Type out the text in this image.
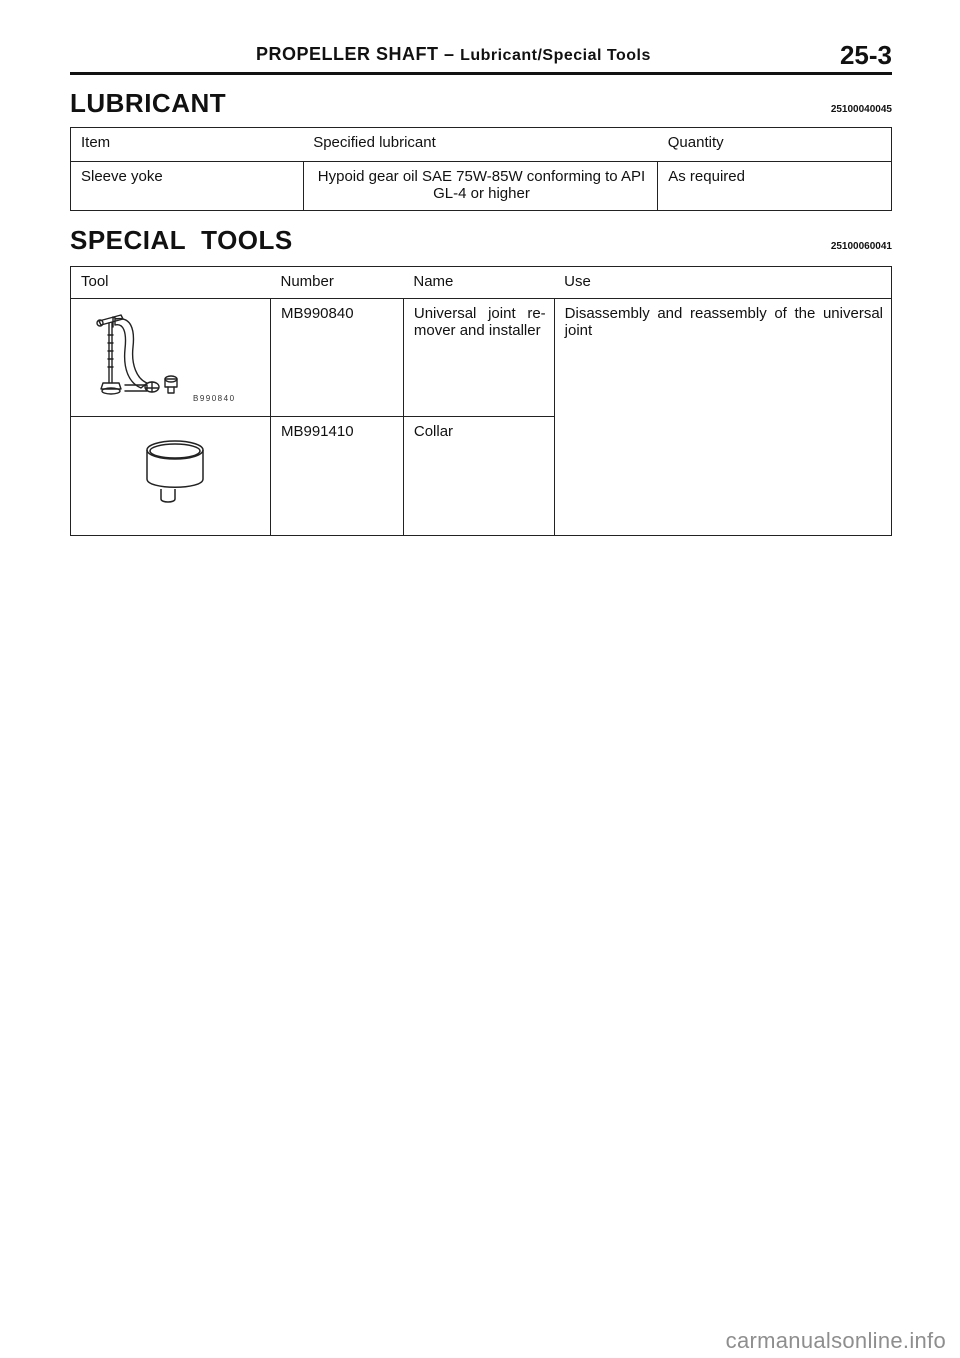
PROPELLER SHAFT – Lubricant/Special Tools	25-3
LUBRICANT	25100040045
Item	Specified lubricant	Quantity
Sleeve yoke	Hypoid gear oil SAE 75W-85W conforming to API GL-4 or higher	As required
SPECIAL  TOOLS	25100060041
Tool	Number	Name	Use

B990840	MB990840	Universal joint re-mover and installer	Disassembly and reassembly of the universal joint
	MB991410	Collar	
carmanualsonline.info
